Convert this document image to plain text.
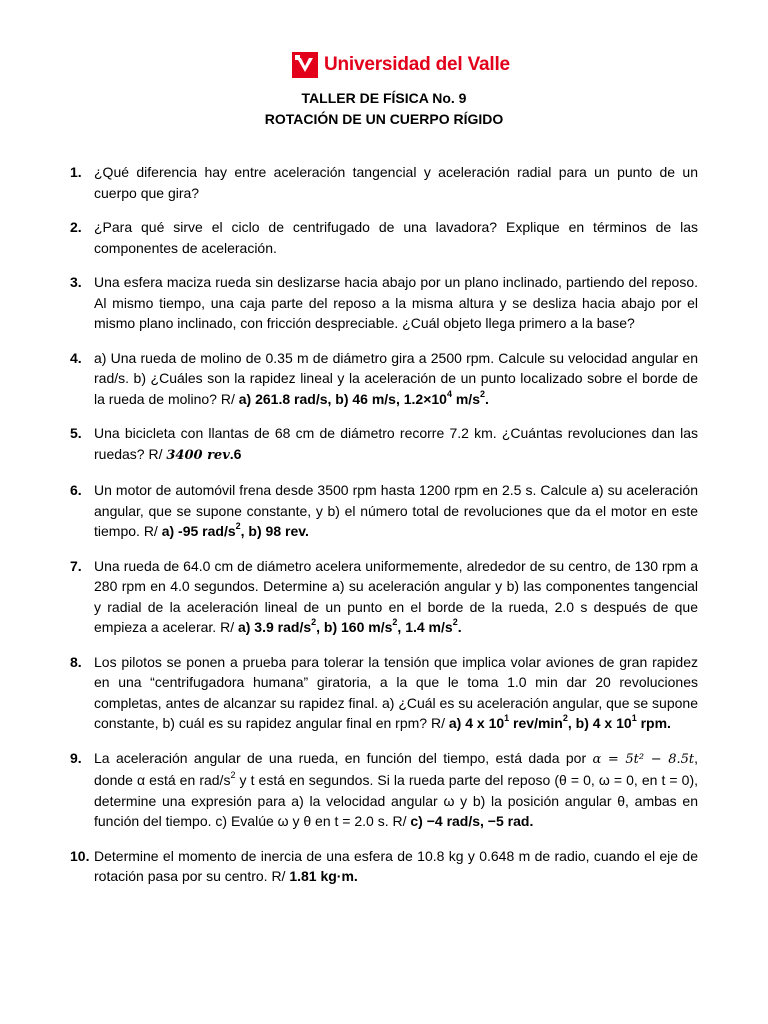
Universidad del Valle
TALLER DE FÍSICA No. 9
ROTACIÓN DE UN CUERPO RÍGIDO
1. ¿Qué diferencia hay entre aceleración tangencial y aceleración radial para un punto de un cuerpo que gira?
2. ¿Para qué sirve el ciclo de centrifugado de una lavadora? Explique en términos de las componentes de aceleración.
3. Una esfera maciza rueda sin deslizarse hacia abajo por un plano inclinado, partiendo del reposo. Al mismo tiempo, una caja parte del reposo a la misma altura y se desliza hacia abajo por el mismo plano inclinado, con fricción despreciable. ¿Cuál objeto llega primero a la base?
4. a) Una rueda de molino de 0.35 m de diámetro gira a 2500 rpm. Calcule su velocidad angular en rad/s. b) ¿Cuáles son la rapidez lineal y la aceleración de un punto localizado sobre el borde de la rueda de molino? R/ a) 261.8 rad/s, b) 46 m/s, $1.2\times 10^4$ $m/s^2$.
5. Una bicicleta con llantas de 68 cm de diámetro recorre 7.2 km. ¿Cuántas revoluciones dan las ruedas? R/ 3400 rev.6
6. Un motor de automóvil frena desde 3500 rpm hasta 1200 rpm en 2.5 s. Calcule a) su aceleración angular, que se supone constante, y b) el número total de revoluciones que da el motor en este tiempo. R/ a) -95 rad/$s^2$, b) 98 rev.
7. Una rueda de 64.0 cm de diámetro acelera uniformemente, alrededor de su centro, de 130 rpm a 280 rpm en 4.0 segundos. Determine a) su aceleración angular y b) las componentes tangencial y radial de la aceleración lineal de un punto en el borde de la rueda, 2.0 s después de que empieza a acelerar. R/ a) 3.9 rad/$s^2$, b) 160 $m/s^2$, 1.4 $m/s^2$.
8. Los pilotos se ponen a prueba para tolerar la tensión que implica volar aviones de gran rapidez en una “centrifugadora humana” giratoria, a la que le toma 1.0 min dar 20 revoluciones completas, antes de alcanzar su rapidez final. a) ¿Cuál es su aceleración angular, que se supone constante, b) cuál es su rapidez angular final en rpm? R/ a) 4 x $10^1$ rev/$\min^2$, b) 4 x $10^1$ rpm.
9. La aceleración angular de una rueda, en función del tiempo, está dada por α = 5t² − 8.5t, donde α está en rad/$s^2$ y t está en segundos. Si la rueda parte del reposo (θ = 0, ω = 0, en t = 0), determine una expresión para a) la velocidad angular ω y b) la posición angular θ, ambas en función del tiempo. c) Evalúe ω y θ en t = 2.0 s. R/ c) −4 rad/s, −5 rad.
10. Determine el momento de inercia de una esfera de 10.8 kg y 0.648 m de radio, cuando el eje de rotación pasa por su centro. R/ 1.81 kg·m.
